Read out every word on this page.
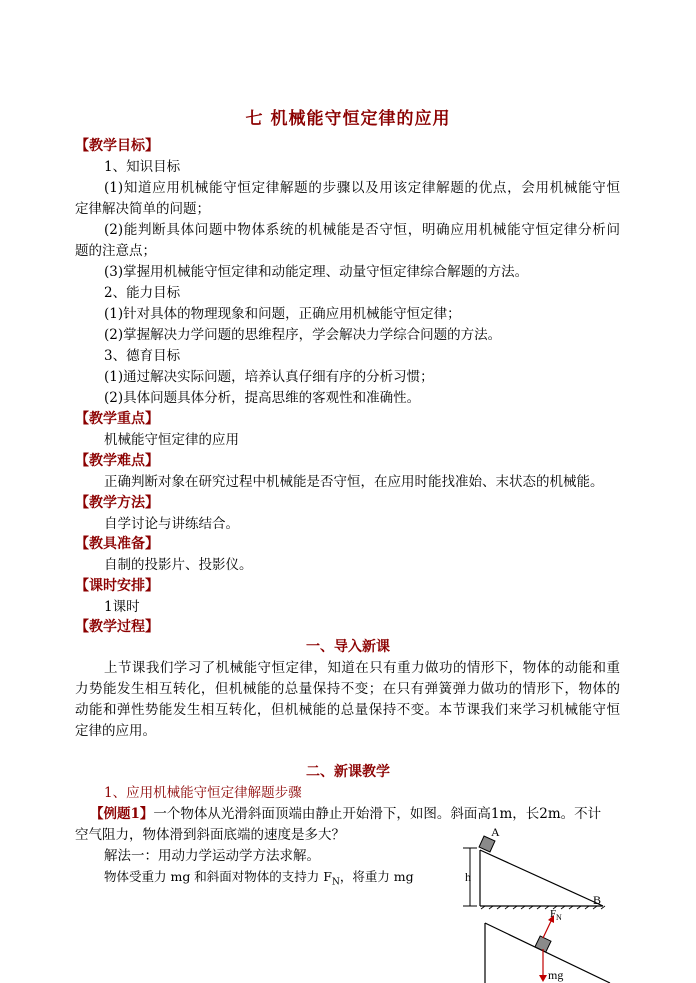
七 机械能守恒定律的应用
【教学目标】
1、知识目标
(1)知道应用机械能守恒定律解题的步骤以及用该定律解题的优点，会用机械能守恒
定律解决简单的问题；
(2)能判断具体问题中物体系统的机械能是否守恒，明确应用机械能守恒定律分析问
题的注意点；
(3)掌握用机械能守恒定律和动能定理、动量守恒定律综合解题的方法。
2、能力目标
(1)针对具体的物理现象和问题，正确应用机械能守恒定律；
(2)掌握解决力学问题的思维程序，学会解决力学综合问题的方法。
3、德育目标
(1)通过解决实际问题，培养认真仔细有序的分析习惯；
(2)具体问题具体分析，提高思维的客观性和准确性。
【教学重点】
机械能守恒定律的应用
【教学难点】
正确判断对象在研究过程中机械能是否守恒，在应用时能找准始、末状态的机械能。
【教学方法】
自学讨论与讲练结合。
【教具准备】
自制的投影片、投影仪。
【课时安排】
1课时
【教学过程】
一、导入新课
上节课我们学习了机械能守恒定律，知道在只有重力做功的情形下，物体的动能和重
力势能发生相互转化，但机械能的总量保持不变；在只有弹簧弹力做功的情形下，物体的
动能和弹性势能发生相互转化，但机械能的总量保持不变。本节课我们来学习机械能守恒
定律的应用。
二、新课教学
1、应用机械能守恒定律解题步骤
【例题1】一个物体从光滑斜面顶端由静止开始滑下，如图。斜面高1m，长2m。不计
空气阻力，物体滑到斜面底端的速度是多大？
解法一：用动力学运动学方法求解。
物体受重力 mg 和斜面对物体的支持力 $F_N$，将重力 mg	h
A
B
F N
mg
